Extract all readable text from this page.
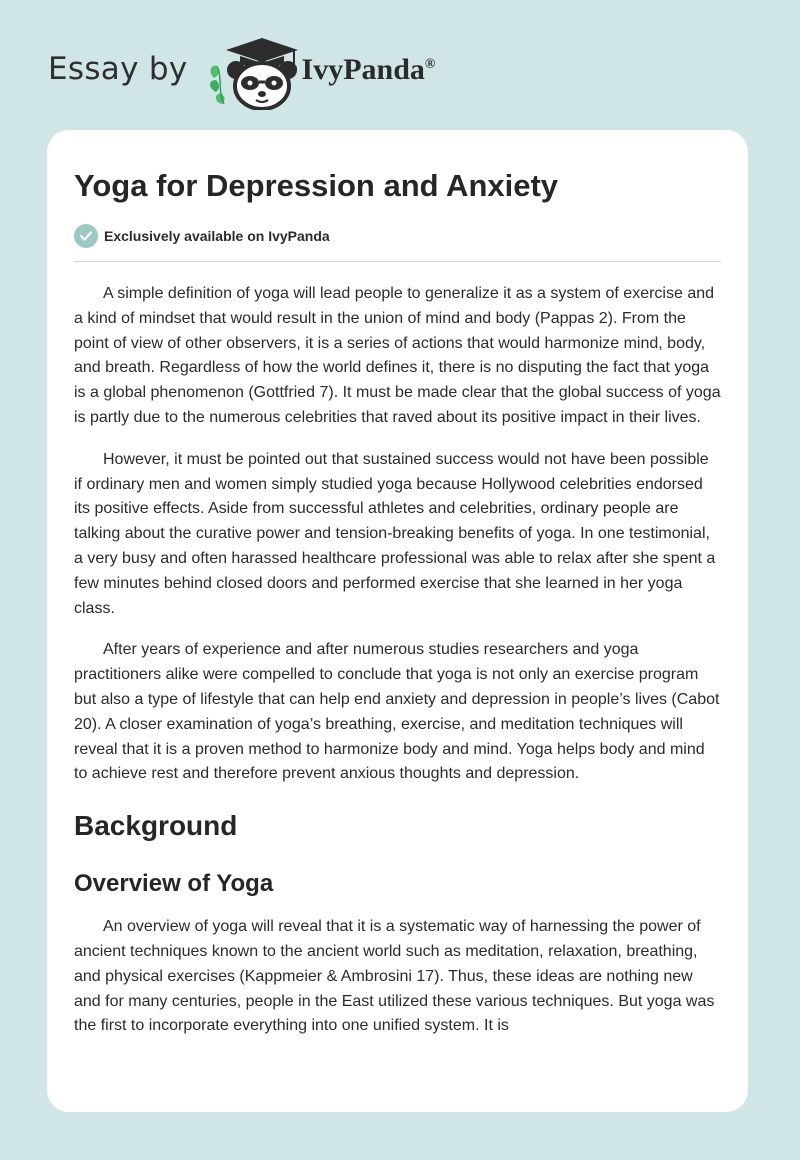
Essay by	IvyPanda®
Yoga for Depression and Anxiety
Exclusively available on IvyPanda

A simple definition of yoga will lead people to generalize it as a system of exercise and a kind of mindset that would result in the union of mind and body (Pappas 2). From the point of view of other observers, it is a series of actions that would harmonize mind, body, and breath. Regardless of how the world defines it, there is no disputing the fact that yoga is a global phenomenon (Gottfried 7). It must be made clear that the global success of yoga is partly due to the numerous celebrities that raved about its positive impact in their lives.

However, it must be pointed out that sustained success would not have been possible if ordinary men and women simply studied yoga because Hollywood celebrities endorsed its positive effects. Aside from successful athletes and celebrities, ordinary people are talking about the curative power and tension-breaking benefits of yoga. In one testimonial, a very busy and often harassed healthcare professional was able to relax after she spent a few minutes behind closed doors and performed exercise that she learned in her yoga class.

After years of experience and after numerous studies researchers and yoga practitioners alike were compelled to conclude that yoga is not only an exercise program but also a type of lifestyle that can help end anxiety and depression in people’s lives (Cabot 20). A closer examination of yoga’s breathing, exercise, and meditation techniques will reveal that it is a proven method to harmonize body and mind. Yoga helps body and mind to achieve rest and therefore prevent anxious thoughts and depression.

Background
Overview of Yoga

An overview of yoga will reveal that it is a systematic way of harnessing the power of ancient techniques known to the ancient world such as meditation, relaxation, breathing, and physical exercises (Kappmeier & Ambrosini 17). Thus, these ideas are nothing new and for many centuries, people in the East utilized these various techniques. But yoga was the first to incorporate everything into one unified system. It is
